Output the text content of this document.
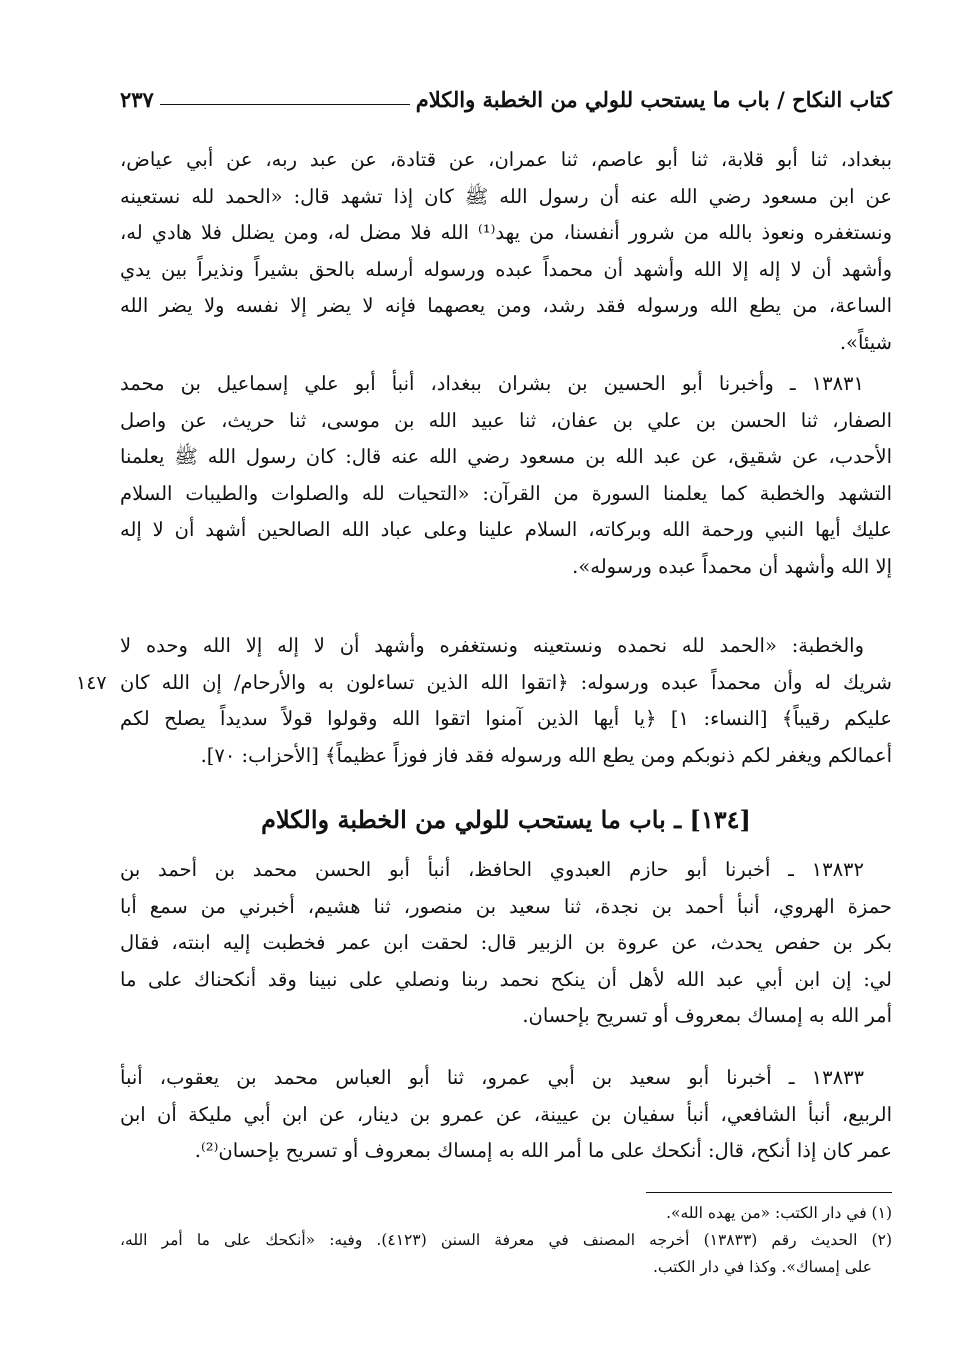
كتاب النكاح / باب ما يستحب للولي من الخطبة والكلام
٢٣٧
ببغداد، ثنا أبو قلابة، ثنا أبو عاصم، ثنا عمران، عن قتادة، عن عبد ربه، عن أبي عياض،
عن ابن مسعود رضي الله عنه أن رسول الله ﷺ كان إذا تشهد قال: «الحمد لله نستعينه
ونستغفره ونعوذ بالله من شرور أنفسنا، من يهد⁽¹⁾ الله فلا مضل له، ومن يضلل فلا هادي له،
وأشهد أن لا إله إلا الله وأشهد أن محمداً عبده ورسوله أرسله بالحق بشيراً ونذيراً بين يدي
الساعة، من يطع الله ورسوله فقد رشد، ومن يعصهما فإنه لا يضر إلا نفسه ولا يضر الله
شيئاً».
١٣٨٣١ ـ وأخبرنا أبو الحسين بن بشران ببغداد، أنبأ أبو علي إسماعيل بن محمد
الصفار، ثنا الحسن بن علي بن عفان، ثنا عبيد الله بن موسى، ثنا حريث، عن واصل
الأحدب، عن شقيق، عن عبد الله بن مسعود رضي الله عنه قال: كان رسول الله ﷺ يعلمنا
التشهد والخطبة كما يعلمنا السورة من القرآن: «التحيات لله والصلوات والطيبات السلام
عليك أيها النبي ورحمة الله وبركاته، السلام علينا وعلى عباد الله الصالحين أشهد أن لا إله
إلا الله وأشهد أن محمداً عبده ورسوله».
والخطبة: «الحمد لله نحمده ونستعينه ونستغفره وأشهد أن لا إله إلا الله وحده لا
شريك له وأن محمداً عبده ورسوله: ﴿اتقوا الله الذين تساءلون به والأرحام/ إن الله كان
عليكم رقيباً﴾ [النساء: ١] ﴿يا أيها الذين آمنوا اتقوا الله وقولوا قولاً سديداً يصلح لكم
أعمالكم ويغفر لكم ذنوبكم ومن يطع الله ورسوله فقد فاز فوزاً عظيماً﴾ [الأحزاب: ٧٠].
١٤٧
[١٣٤] ـ باب ما يستحب للولي من الخطبة والكلام
١٣٨٣٢ ـ أخبرنا أبو حازم العبدوي الحافظ، أنبأ أبو الحسن محمد بن أحمد بن
حمزة الهروي، أنبأ أحمد بن نجدة، ثنا سعيد بن منصور، ثنا هشيم، أخبرني من سمع أبا
بكر بن حفص يحدث، عن عروة بن الزبير قال: لحقت ابن عمر فخطبت إليه ابنته، فقال
لي: إن ابن أبي عبد الله لأهل أن ينكح نحمد ربنا ونصلي على نبينا وقد أنكحناك على ما
أمر الله به إمساك بمعروف أو تسريح بإحسان.
١٣٨٣٣ ـ أخبرنا أبو سعيد بن أبي عمرو، ثنا أبو العباس محمد بن يعقوب، أنبأ
الربيع، أنبأ الشافعي، أنبأ سفيان بن عيينة، عن عمرو بن دينار، عن ابن أبي مليكة أن ابن
عمر كان إذا أنكح، قال: أنكحك على ما أمر الله به إمساك بمعروف أو تسريح بإحسان⁽²⁾.
(١) في دار الكتب: «من يهده الله».
(٢) الحديث رقم (١٣٨٣٣) أخرجه المصنف في معرفة السنن (٤١٢٣). وفيه: «أنكحك على ما أمر الله،
على إمساك». وكذا في دار الكتب.
